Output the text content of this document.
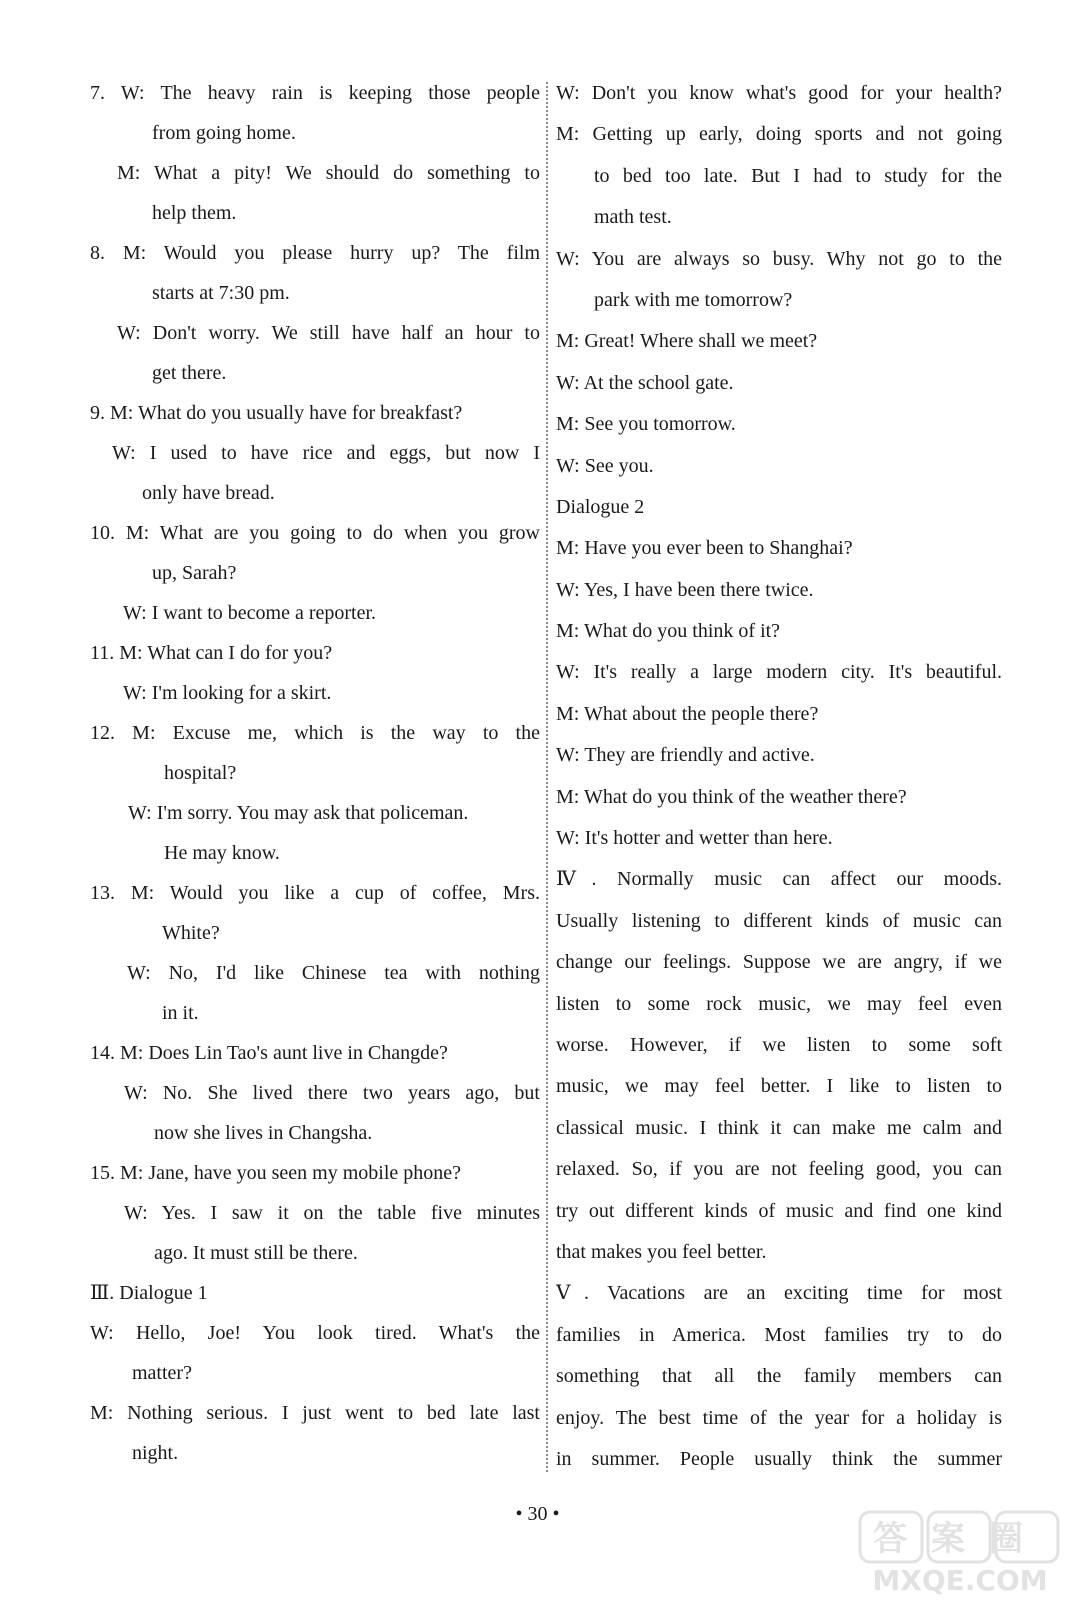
7. W: The heavy rain is keeping those people
from going home.
M: What a pity! We should do something to
help them.
8. M: Would you please hurry up? The film
starts at 7:30 pm.
W: Don't worry. We still have half an hour to
get there.
9. M: What do you usually have for breakfast?
W: I used to have rice and eggs, but now I
only have bread.
10. M: What are you going to do when you grow
up, Sarah?
W: I want to become a reporter.
11. M: What can I do for you?
W: I'm looking for a skirt.
12. M: Excuse me, which is the way to the
hospital?
W: I'm sorry. You may ask that policeman.
He may know.
13. M: Would you like a cup of coffee, Mrs.
White?
W: No, I'd like Chinese tea with nothing
in it.
14. M: Does Lin Tao's aunt live in Changde?
W: No. She lived there two years ago, but
now she lives in Changsha.
15. M: Jane, have you seen my mobile phone?
W: Yes. I saw it on the table five minutes
ago. It must still be there.
Ⅲ. Dialogue 1
W: Hello, Joe! You look tired. What's the
matter?
M: Nothing serious. I just went to bed late last
night.
W: Don't you know what's good for your health?
M: Getting up early, doing sports and not going
to bed too late. But I had to study for the
math test.
W: You are always so busy. Why not go to the
park with me tomorrow?
M: Great! Where shall we meet?
W: At the school gate.
M: See you tomorrow.
W: See you.
Dialogue 2
M: Have you ever been to Shanghai?
W: Yes, I have been there twice.
M: What do you think of it?
W: It's really a large modern city. It's beautiful.
M: What about the people there?
W: They are friendly and active.
M: What do you think of the weather there?
W: It's hotter and wetter than here.
Ⅳ. Normally music can affect our moods.
Usually listening to different kinds of music can
change our feelings. Suppose we are angry, if we
listen to some rock music, we may feel even
worse. However, if we listen to some soft
music, we may feel better. I like to listen to
classical music. I think it can make me calm and
relaxed. So, if you are not feeling good, you can
try out different kinds of music and find one kind
that makes you feel better.
Ⅴ. Vacations are an exciting time for most
families in America. Most families try to do
something that all the family members can
enjoy. The best time of the year for a holiday is
in summer. People usually think the summer
• 30 •
答案圈
MXQE.COM
